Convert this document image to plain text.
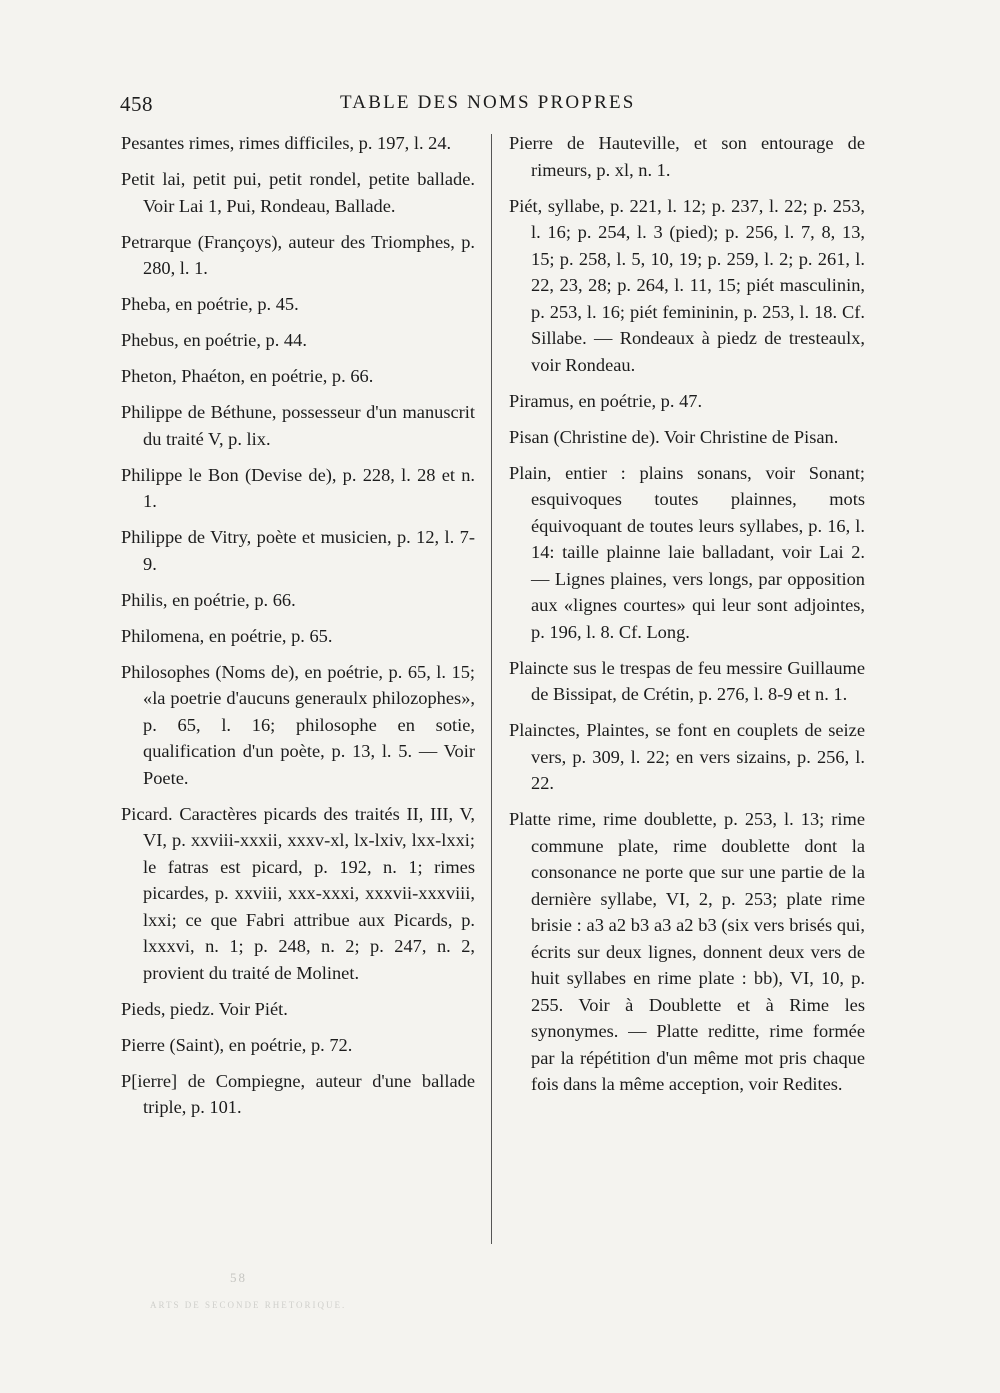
458	TABLE DES NOMS PROPRES

Pesantes rimes, rimes difficiles, p. 197, l. 24.

Petit lai, petit pui, petit rondel, petite ballade. Voir Lai 1, Pui, Rondeau, Ballade.

Petrarque (Françoys), auteur des Triomphes, p. 280, l. 1.

Pheba, en poétrie, p. 45.

Phebus, en poétrie, p. 44.

Pheton, Phaéton, en poétrie, p. 66.

Philippe de Béthune, possesseur d'un manuscrit du traité V, p. lix.

Philippe le Bon (Devise de), p. 228, l. 28 et n. 1.

Philippe de Vitry, poète et musicien, p. 12, l. 7-9.

Philis, en poétrie, p. 66.

Philomena, en poétrie, p. 65.

Philosophes (Noms de), en poétrie, p. 65, l. 15; «la poetrie d'aucuns generaulx philozophes», p. 65, l. 16; philosophe en sotie, qualification d'un poète, p. 13, l. 5. — Voir Poete.

Picard. Caractères picards des traités II, III, V, VI, p. xxviii-xxxii, xxxv-xl, lx-lxiv, lxx-lxxi; le fatras est picard, p. 192, n. 1; rimes picardes, p. xxviii, xxx-xxxi, xxxvii-xxxviii, lxxi; ce que Fabri attribue aux Picards, p. lxxxvi, n. 1; p. 248, n. 2; p. 247, n. 2, provient du traité de Molinet.

Pieds, piedz. Voir Piét.

Pierre (Saint), en poétrie, p. 72.

P[ierre] de Compiegne, auteur d'une ballade triple, p. 101.

Pierre de Hauteville, et son entourage de rimeurs, p. xl, n. 1.

Piét, syllabe, p. 221, l. 12; p. 237, l. 22; p. 253, l. 16; p. 254, l. 3 (pied); p. 256, l. 7, 8, 13, 15; p. 258, l. 5, 10, 19; p. 259, l. 2; p. 261, l. 22, 23, 28; p. 264, l. 11, 15; piét masculinin, p. 253, l. 16; piét femininin, p. 253, l. 18. Cf. Sillabe. — Rondeaux à piedz de tresteaulx, voir Rondeau.

Piramus, en poétrie, p. 47.

Pisan (Christine de). Voir Christine de Pisan.

Plain, entier : plains sonans, voir Sonant; esquivoques toutes plainnes, mots équivoquant de toutes leurs syllabes, p. 16, l. 14: taille plainne laie balladant, voir Lai 2. — Lignes plaines, vers longs, par opposition aux «lignes courtes» qui leur sont adjointes, p. 196, l. 8. Cf. Long.

Plaincte sus le trespas de feu messire Guillaume de Bissipat, de Crétin, p. 276, l. 8-9 et n. 1.

Plainctes, Plaintes, se font en couplets de seize vers, p. 309, l. 22; en vers sizains, p. 256, l. 22.

Platte rime, rime doublette, p. 253, l. 13; rime commune plate, rime doublette dont la consonance ne porte que sur une partie de la dernière syllabe, VI, 2, p. 253; plate rime brisie : a3 a2 b3 a3 a2 b3 (six vers brisés qui, écrits sur deux lignes, donnent deux vers de huit syllabes en rime plate : bb), VI, 10, p. 255. Voir à Doublette et à Rime les synonymes. — Platte reditte, rime formée par la répétition d'un même mot pris chaque fois dans la même acception, voir Redites.

58
ARTS DE SECONDE RHETORIQUE.
